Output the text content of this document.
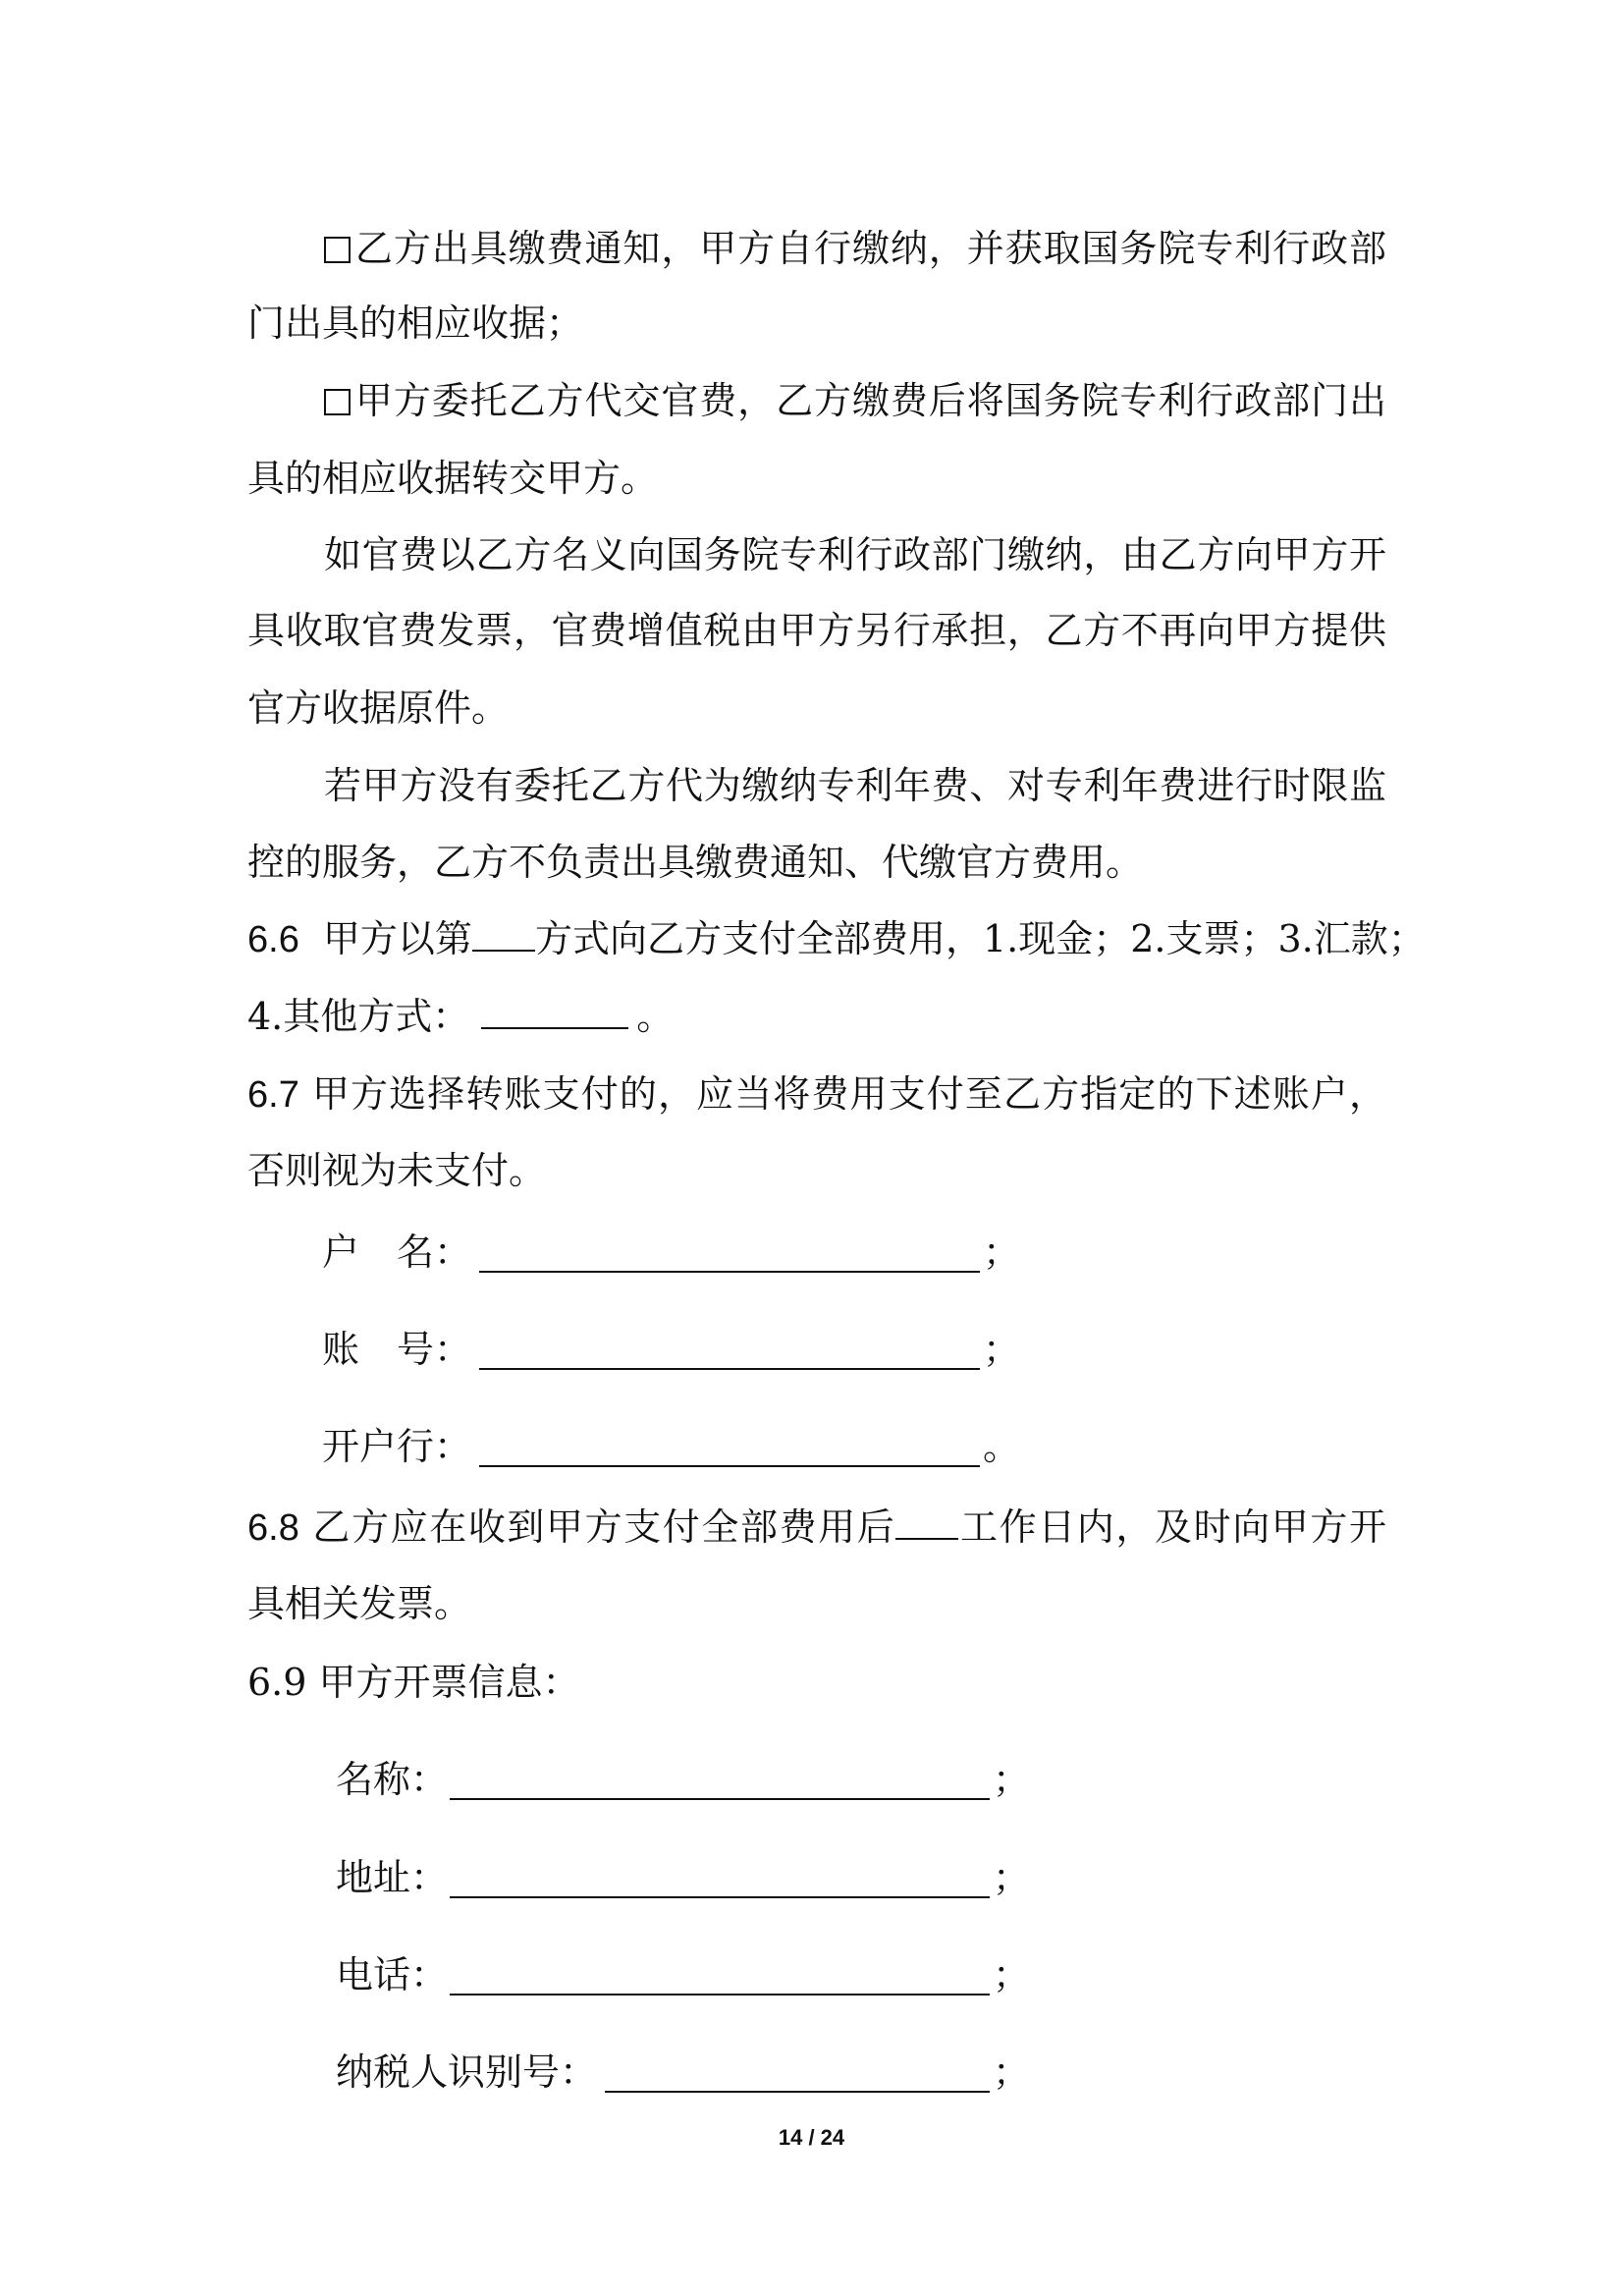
乙方出具缴费通知，甲方自行缴纳，并获取国务院专利行政部
门出具的相应收据；
甲方委托乙方代交官费，乙方缴费后将国务院专利行政部门出
具的相应收据转交甲方。
如官费以乙方名义向国务院专利行政部门缴纳，由乙方向甲方开
具收取官费发票，官费增值税由甲方另行承担，乙方不再向甲方提供
官方收据原件。
若甲方没有委托乙方代为缴纳专利年费、对专利年费进行时限监
控的服务，乙方不负责出具缴费通知、代缴官方费用。
6.6 甲方以第 方式向乙方支付全部费用，1.现金；2.支票；3.汇款；
4.其他方式：	。
6.7 甲方选择转账支付的，应当将费用支付至乙方指定的下述账户，
否则视为未支付。
户　名：	；
账　号：	；
开户行：	。
6.8 乙方应在收到甲方支付全部费用后 工作日内，及时向甲方开
具相关发票。
6.9 甲方开票信息：
名称：	；
地址：	；
电话：	；
纳税人识别号：	；
14 / 24
